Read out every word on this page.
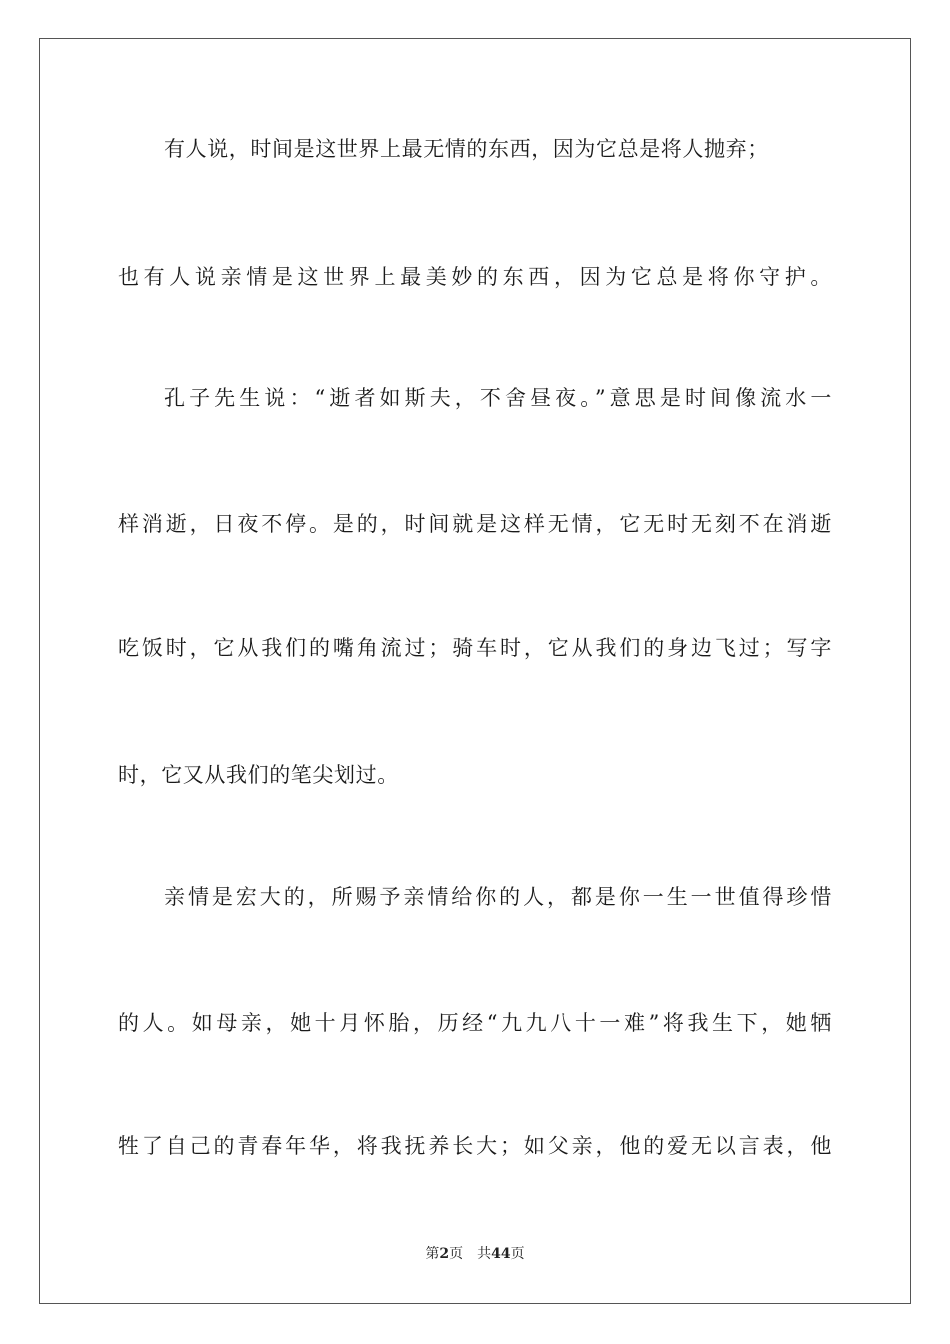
有人说，时间是这世界上最无情的东西，因为它总是将人抛弃；
也有人说亲情是这世界上最美妙的东西，因为它总是将你守护。
孔子先生说：“逝者如斯夫，不舍昼夜。”意思是时间像流水一
样消逝，日夜不停。是的，时间就是这样无情，它无时无刻不在消逝
吃饭时，它从我们的嘴角流过；骑车时，它从我们的身边飞过；写字
时，它又从我们的笔尖划过。
亲情是宏大的，所赐予亲情给你的人，都是你一生一世值得珍惜
的人。如母亲，她十月怀胎，历经“九九八十一难”将我生下，她牺
牲了自己的青春年华，将我抚养长大；如父亲，他的爱无以言表，他
第2页 共44页
